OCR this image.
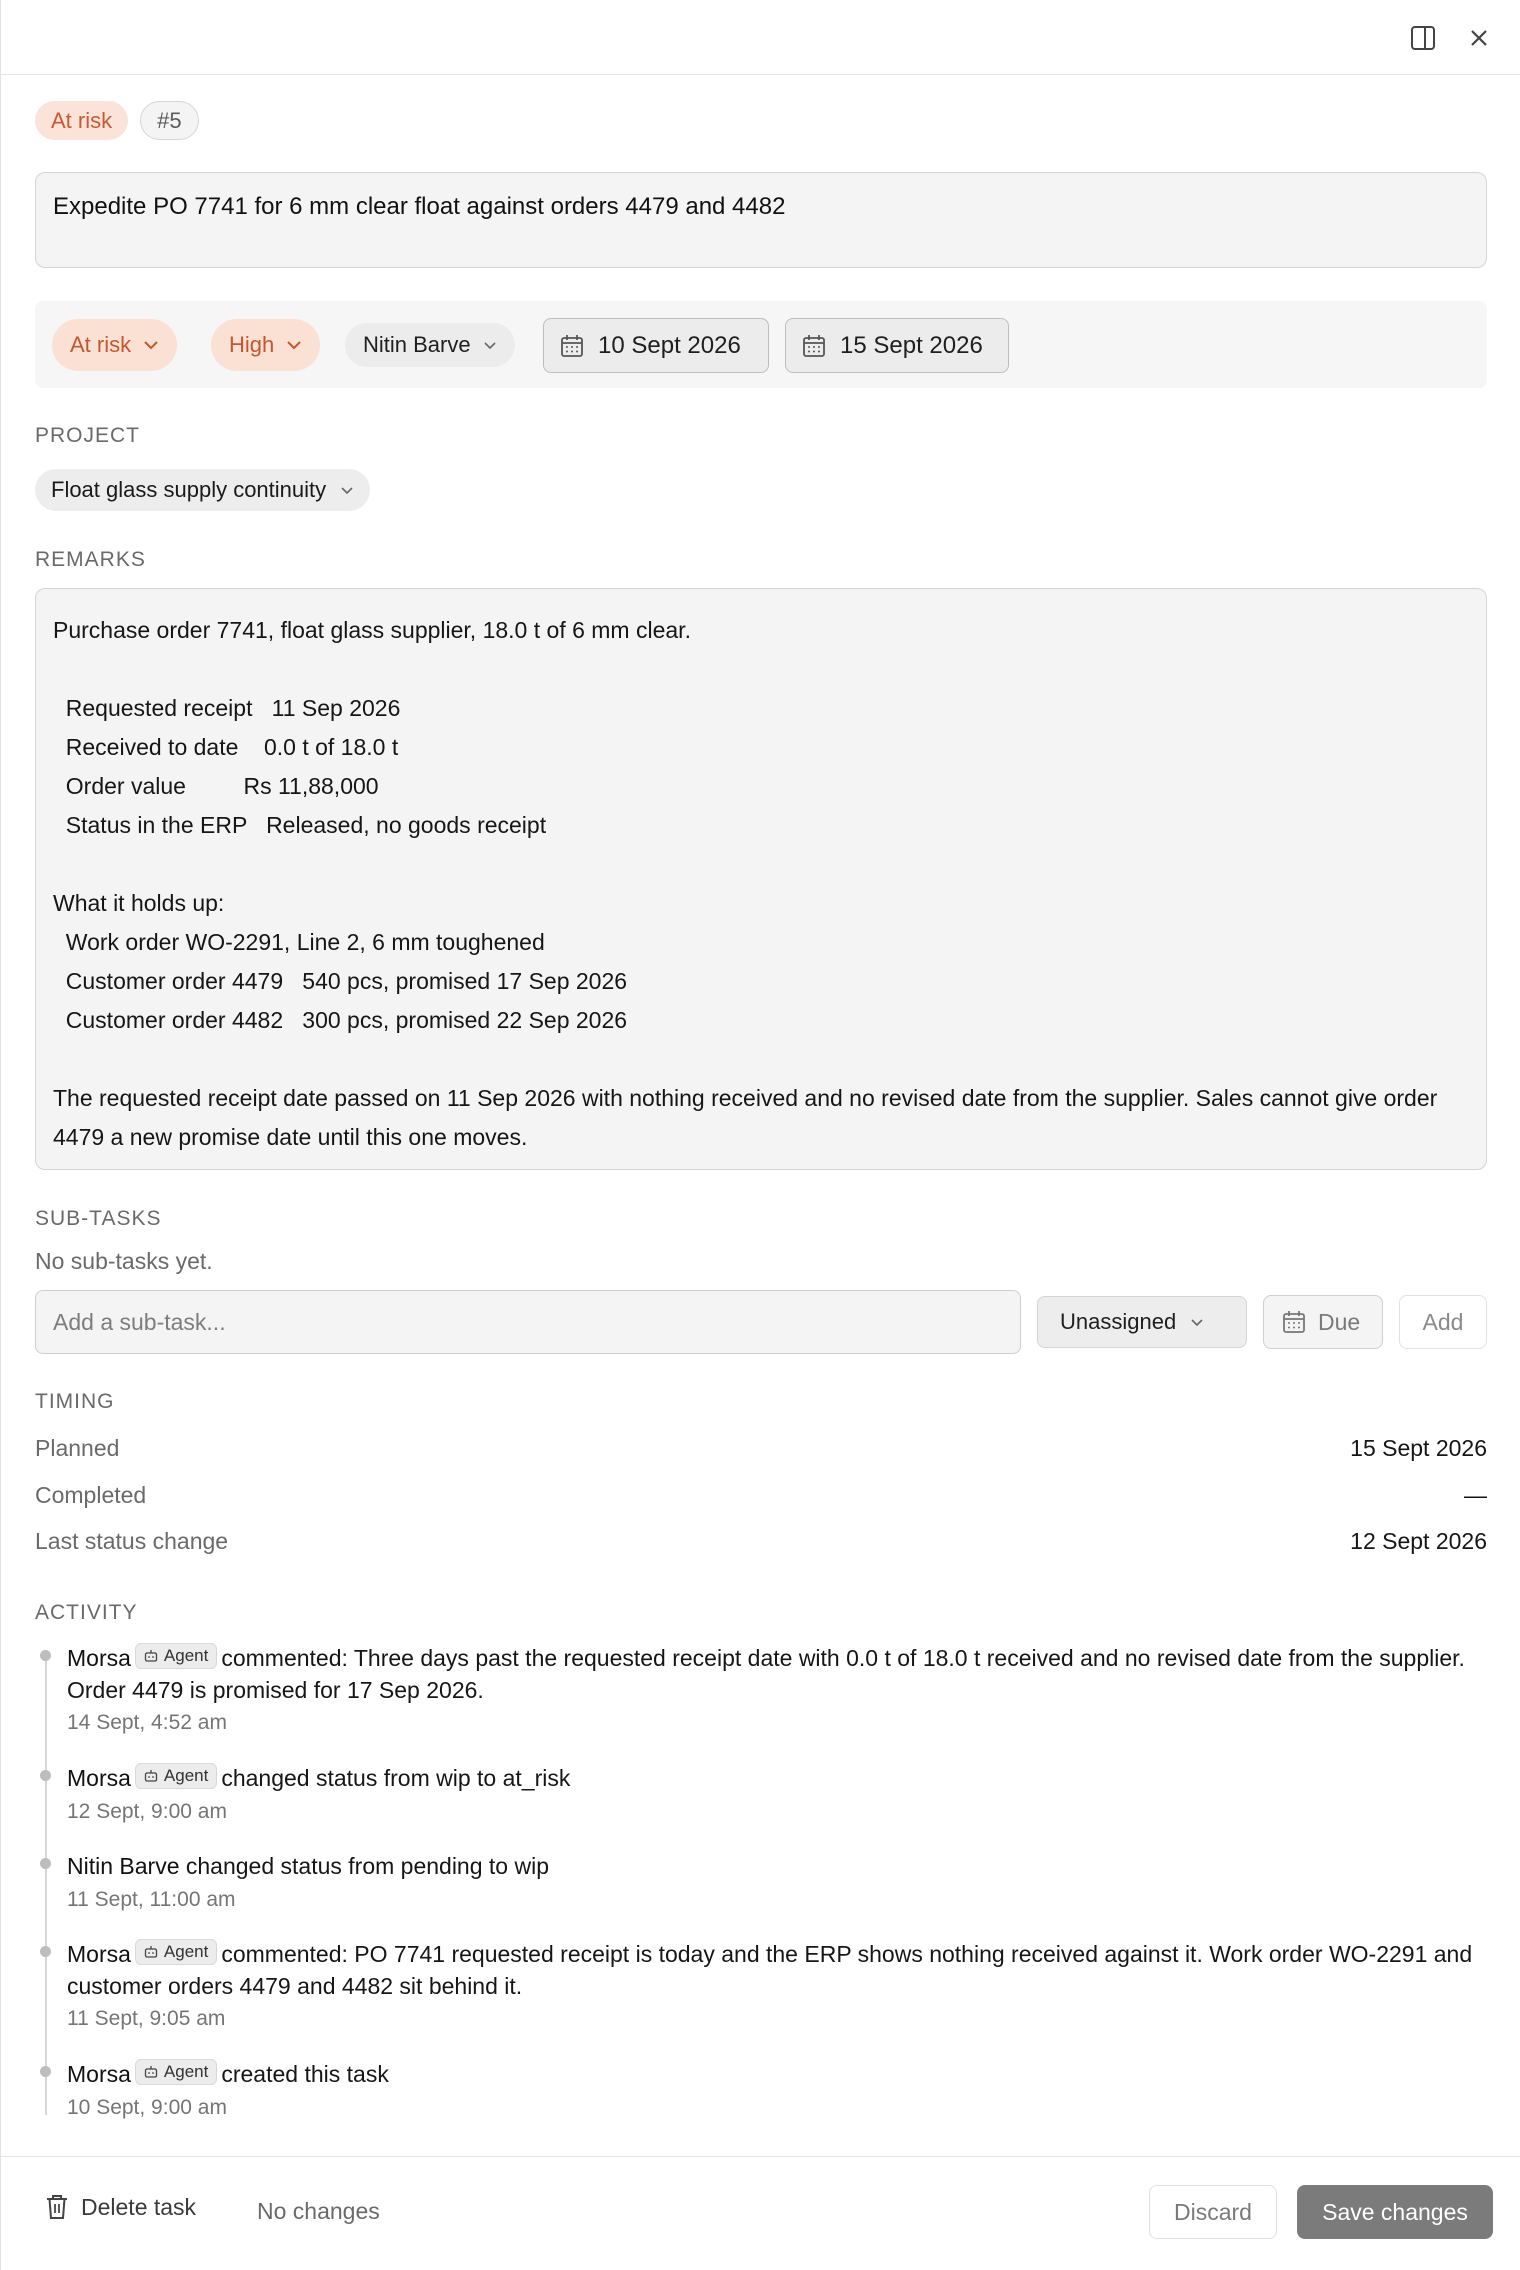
At risk	#5
Expedite PO 7741 for 6 mm clear float against orders 4479 and 4482
At risk	High	Nitin Barve	10 Sept 2026	15 Sept 2026
PROJECT
Float glass supply continuity
REMARKS
Purchase order 7741, float glass supplier, 18.0 t of 6 mm clear.
Requested receipt   11 Sep 2026
Received to date    0.0 t of 18.0 t
Order value         Rs 11,88,000
Status in the ERP   Released, no goods receipt
What it holds up:
Work order WO-2291, Line 2, 6 mm toughened
Customer order 4479   540 pcs, promised 17 Sep 2026
Customer order 4482   300 pcs, promised 22 Sep 2026
The requested receipt date passed on 11 Sep 2026 with nothing received and no revised date from the supplier. Sales cannot give order 4479 a new promise date until this one moves.
SUB-TASKS
No sub-tasks yet.
Add a sub-task...
Unassigned	Due	Add
TIMING
Planned	15 Sept 2026
Completed	—
Last status change	12 Sept 2026
ACTIVITY
Morsa Agent commented: Three days past the requested receipt date with 0.0 t of 18.0 t received and no revised date from the supplier. Order 4479 is promised for 17 Sep 2026.
14 Sept, 4:52 am
Morsa Agent changed status from wip to at_risk
12 Sept, 9:00 am
Nitin Barve changed status from pending to wip
11 Sept, 11:00 am
Morsa Agent commented: PO 7741 requested receipt is today and the ERP shows nothing received against it. Work order WO-2291 and customer orders 4479 and 4482 sit behind it.
11 Sept, 9:05 am
Morsa Agent created this task
10 Sept, 9:00 am
Delete task	No changes	Discard	Save changes
